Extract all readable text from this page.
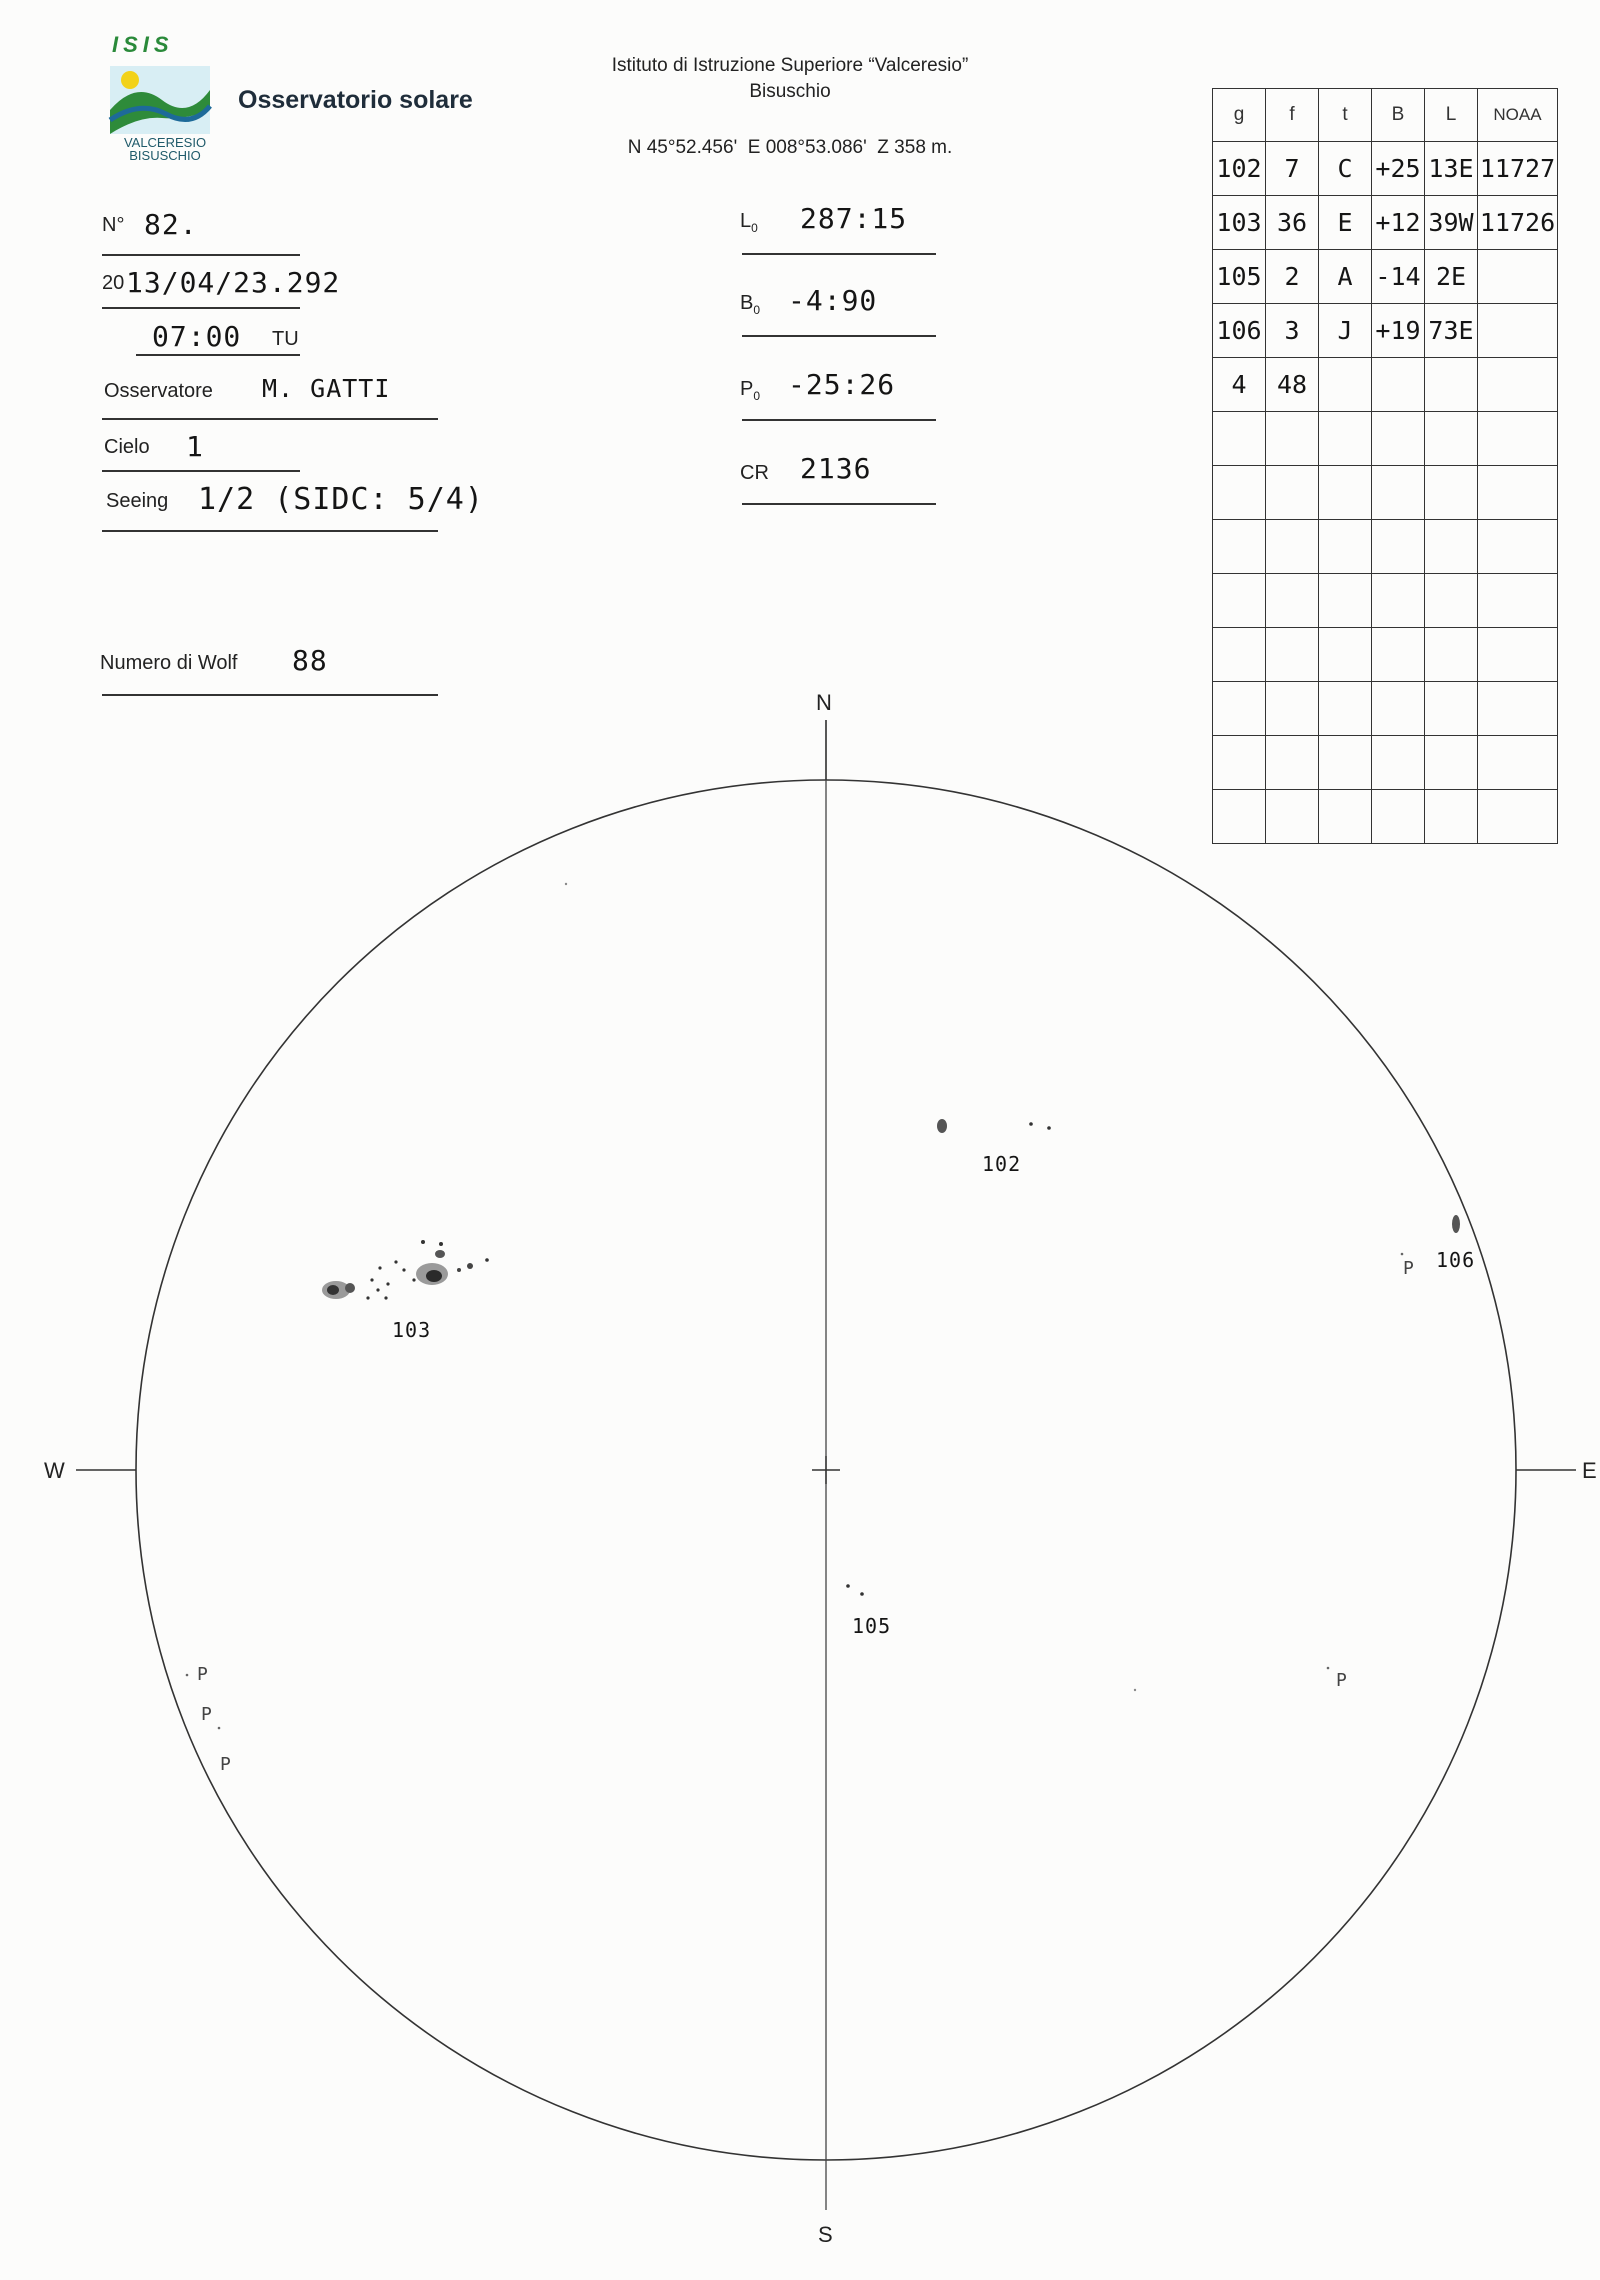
ISIS
VALCERESIO
BISUSCHIO
Osservatorio solare
Istituto di Istruzione Superiore “Valceresio”
Bisuschio
N 45°52.456'  E 008°53.086'  Z 358 m.
N° 82.
20 13/04/23.292
07:00 TU
Osservatore M. GATTI
Cielo 1
Seeing 1/2 (SIDC: 5/4)
Numero di Wolf 88
$L_0$ 287:15
$B_0$ -4:90
$P_0$ -25:26
CR 2136
g	f	t	B	L	NOAA
102	7	C	+25	13E	11727
103	36	E	+12	39W	11726
105	2	A	-14	2E	
106	3	J	+19	73E	
4	48				

N
S
W	E
102
103
105
106
P
P
P
P
P
